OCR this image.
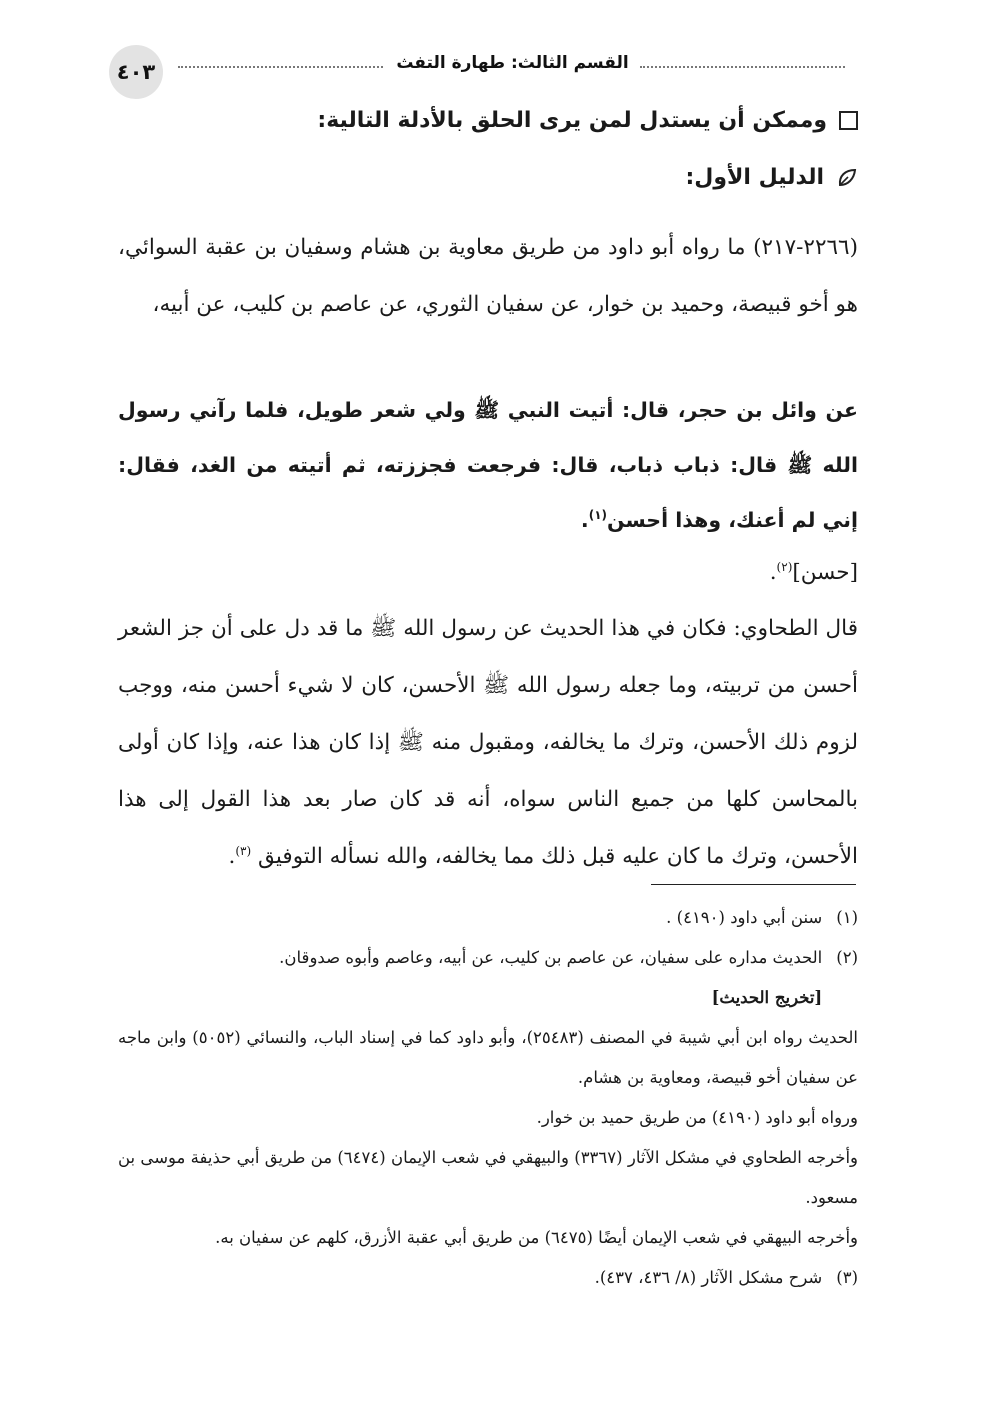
٤٠٣	القسم الثالث: طهارة التفث
وممكن أن يستدل لمن يرى الحلق بالأدلة التالية:
الدليل الأول:

(٢٢٦٦-٢١٧) ما رواه أبو داود من طريق معاوية بن هشام وسفيان بن عقبة السوائي، هو أخو قبيصة، وحميد بن خوار، عن سفيان الثوري، عن عاصم بن كليب، عن أبيه،

عن وائل بن حجر، قال: أتيت النبي ﷺ ولي شعر طويل، فلما رآني رسول الله ﷺ قال: ذباب ذباب، قال: فرجعت فجززته، ثم أتيته من الغد، فقال: إني لم أعنك، وهذا أحسن$^{(١)}$.

[حسن]$^{(٢)}$.

قال الطحاوي: فكان في هذا الحديث عن رسول الله ﷺ ما قد دل على أن جز الشعر أحسن من تربيته، وما جعله رسول الله ﷺ الأحسن، كان لا شيء أحسن منه، ووجب لزوم ذلك الأحسن، وترك ما يخالفه، ومقبول منه ﷺ إذا كان هذا عنه، وإذا كان أولى بالمحاسن كلها من جميع الناس سواه، أنه قد كان صار بعد هذا القول إلى هذا الأحسن، وترك ما كان عليه قبل ذلك مما يخالفه، والله نسأله التوفيق $^{(٣)}$.

(١)
سنن أبي داود (٤١٩٠) .
(٢)

الحديث مداره على سفيان، عن عاصم بن كليب، عن أبيه، وعاصم وأبوه صدوقان.

[تخريج الحديث]

الحديث رواه ابن أبي شيبة في المصنف (٢٥٤٨٣)، وأبو داود كما في إسناد الباب، والنسائي (٥٠٥٢) وابن ماجه عن سفيان أخو قبيصة، ومعاوية بن هشام.

ورواه أبو داود (٤١٩٠) من طريق حميد بن خوار.

وأخرجه الطحاوي في مشكل الآثار (٣٣٦٧) والبيهقي في شعب الإيمان (٦٤٧٤) من طريق أبي حذيفة موسى بن مسعود.

وأخرجه البيهقي في شعب الإيمان أيضًا (٦٤٧٥) من طريق أبي عقبة الأزرق، كلهم عن سفيان به.

(٣)
شرح مشكل الآثار (٨/ ٤٣٦، ٤٣٧).
